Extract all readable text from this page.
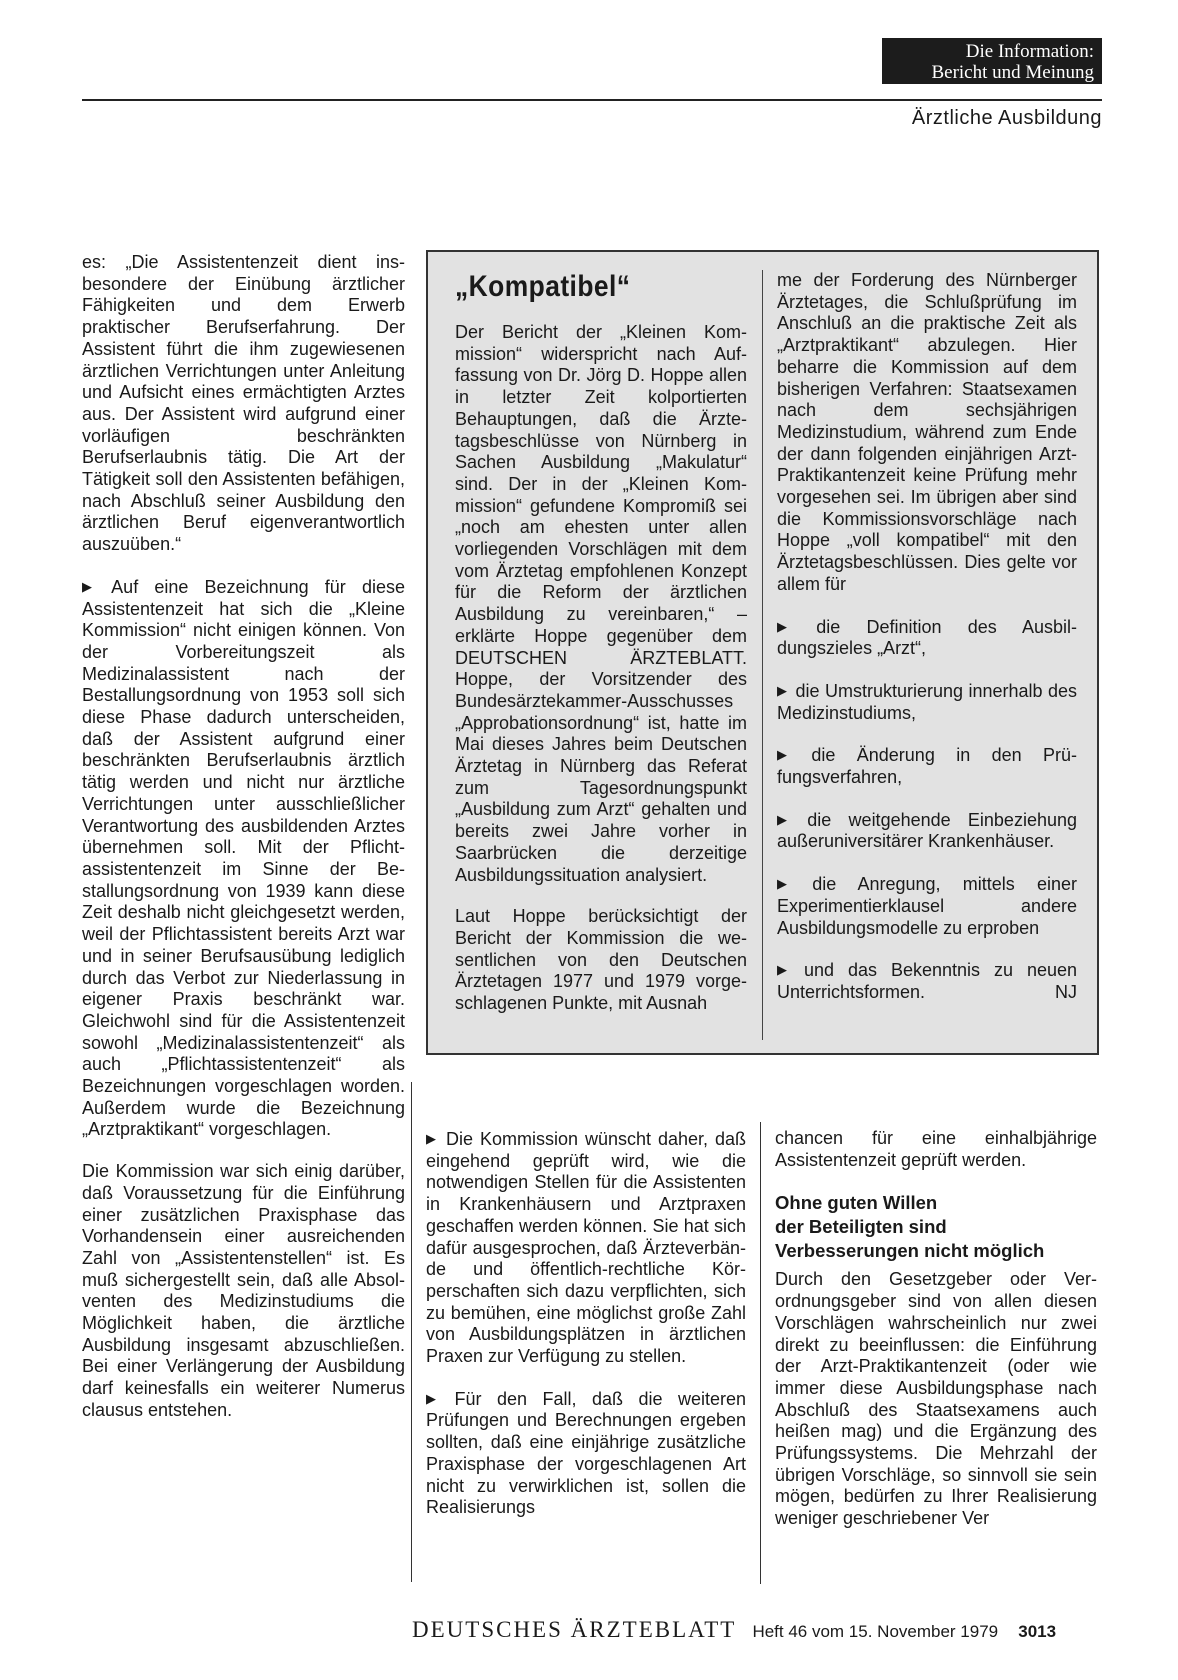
Die Information:
Bericht und Meinung
Ärztliche Ausbildung

es: „Die Assistentenzeit dient insbesondere der Einübung ärztlicher Fähigkeiten und dem Erwerb praktischer Berufserfahrung. Der Assistent führt die ihm zugewiesenen ärztlichen Verrichtungen unter Anleitung und Aufsicht eines ermächtigten Arztes aus. Der Assistent wird aufgrund einer vorläufigen beschränkten Berufserlaubnis tätig. Die Art der Tätigkeit soll den Assistenten befähigen, nach Abschluß seiner Ausbildung den ärztlichen Beruf eigenverantwortlich auszuüben.“

▶ Auf eine Bezeichnung für diese Assistentenzeit hat sich die „Kleine Kommission“ nicht einigen können. Von der Vorbereitungszeit als Medizinalassistent nach der Bestallungsordnung von 1953 soll sich diese Phase dadurch unterscheiden, daß der Assistent aufgrund einer beschränkten Berufserlaubnis ärztlich tätig werden und nicht nur ärztliche Verrichtungen unter ausschließlicher Verantwortung des ausbildenden Arztes übernehmen soll. Mit der Pflichtassistentenzeit im Sinne der Bestallungsordnung von 1939 kann diese Zeit deshalb nicht gleichgesetzt werden, weil der Pflichtassistent bereits Arzt war und in seiner Berufsausübung lediglich durch das Verbot zur Niederlassung in eigener Praxis beschränkt war. Gleichwohl sind für die Assistentenzeit sowohl „Medizinalassistentenzeit“ als auch „Pflichtassistentenzeit“ als Bezeichnungen vorgeschlagen worden. Außerdem wurde die Bezeichnung „Arztpraktikant“ vorgeschlagen.

Die Kommission war sich einig darüber, daß Voraussetzung für die Einführung einer zusätzlichen Praxisphase das Vorhandensein einer ausreichenden Zahl von „Assistentenstellen“ ist. Es muß sichergestellt sein, daß alle Absolventen des Medizinstudiums die Möglichkeit haben, die ärztliche Ausbildung insgesamt abzuschließen. Bei einer Verlängerung der Ausbildung darf keinesfalls ein weiterer Numerus clausus entstehen.

„Kompatibel“

Der Bericht der „Kleinen Kommission“ widerspricht nach Auffassung von Dr. Jörg D. Hoppe allen in letzter Zeit kolportierten Behauptungen, daß die Ärztetagsbeschlüsse von Nürnberg in Sachen Ausbildung „Makulatur“ sind. Der in der „Kleinen Kommission“ gefundene Kompromiß sei „noch am ehesten unter allen vorliegenden Vorschlägen mit dem vom Ärztetag empfohlenen Konzept für die Reform der ärztlichen Ausbildung zu vereinbaren,“ – erklärte Hoppe gegenüber dem DEUTSCHEN ÄRZTEBLATT. Hoppe, der Vorsitzender des Bundesärztekammer-Ausschusses „Approbationsordnung“ ist, hatte im Mai dieses Jahres beim Deutschen Ärztetag in Nürnberg das Referat zum Tagesordnungspunkt „Ausbildung zum Arzt“ gehalten und bereits zwei Jahre vorher in Saarbrücken die derzeitige Ausbildungssituation analysiert.

Laut Hoppe berücksichtigt der Bericht der Kommission die wesentlichen von den Deutschen Ärztetagen 1977 und 1979 vorgeschlagenen Punkte, mit Ausnah

me der Forderung des Nürnberger Ärztetages, die Schlußprüfung im Anschluß an die praktische Zeit als „Arztpraktikant“ abzulegen. Hier beharre die Kommission auf dem bisherigen Verfahren: Staatsexamen nach dem sechsjährigen Medizinstudium, während zum Ende der dann folgenden einjährigen Arzt-Praktikantenzeit keine Prüfung mehr vorgesehen sei. Im übrigen aber sind die Kommissionsvorschläge nach Hoppe „voll kompatibel“ mit den Ärztetagsbeschlüssen. Dies gelte vor allem für

▶ die Definition des Ausbildungszieles „Arzt“,

▶ die Umstrukturierung innerhalb des Medizinstudiums,

▶ die Änderung in den Prüfungsverfahren,

▶ die weitgehende Einbeziehung außeruniversitärer Krankenhäuser.

▶ die Anregung, mittels einer Experimentierklausel andere Ausbildungsmodelle zu erproben

▶ und das Bekenntnis zu neuen Unterrichtsformen.	NJ

▶ Die Kommission wünscht daher, daß eingehend geprüft wird, wie die notwendigen Stellen für die Assistenten in Krankenhäusern und Arztpraxen geschaffen werden können. Sie hat sich dafür ausgesprochen, daß Ärzteverbände und öffentlich-rechtliche Körperschaften sich dazu verpflichten, sich zu bemühen, eine möglichst große Zahl von Ausbildungsplätzen in ärztlichen Praxen zur Verfügung zu stellen.

▶ Für den Fall, daß die weiteren Prüfungen und Berechnungen ergeben sollten, daß eine einjährige zusätzliche Praxisphase der vorgeschlagenen Art nicht zu verwirklichen ist, sollen die Realisierungs

chancen für eine einhalbjährige Assistentenzeit geprüft werden.

Ohne guten Willen
der Beteiligten sind
Verbesserungen nicht möglich

Durch den Gesetzgeber oder Verordnungsgeber sind von allen diesen Vorschlägen wahrscheinlich nur zwei direkt zu beeinflussen: die Einführung der Arzt-Praktikantenzeit (oder wie immer diese Ausbildungsphase nach Abschluß des Staatsexamens auch heißen mag) und die Ergänzung des Prüfungssystems. Die Mehrzahl der übrigen Vorschläge, so sinnvoll sie sein mögen, bedürfen zu Ihrer Realisierung weniger geschriebener Ver

DEUTSCHES ÄRZTEBLATT Heft 46 vom 15. November 1979 3013
